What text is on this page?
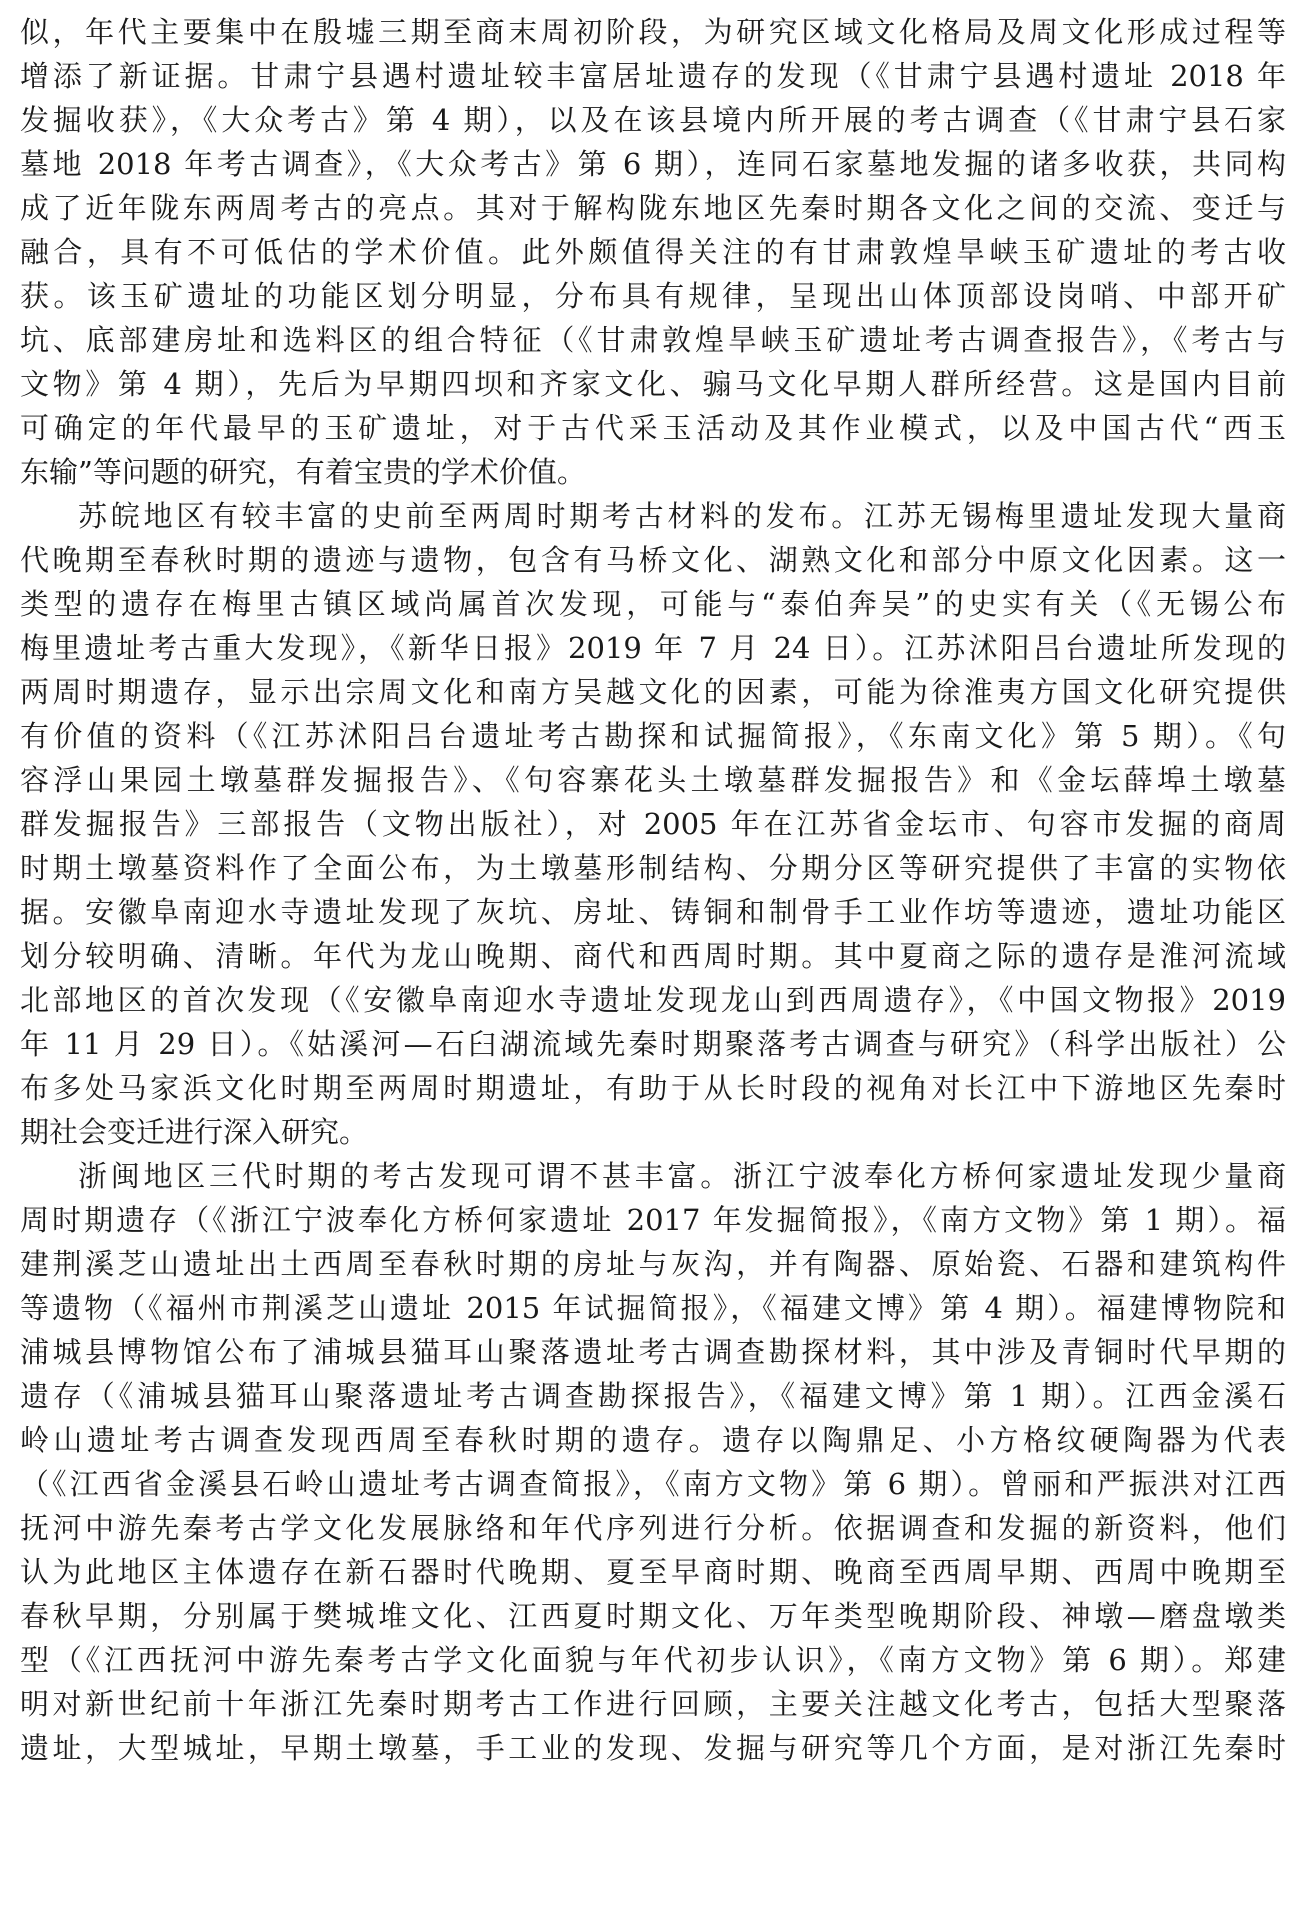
似，年代主要集中在殷墟三期至商末周初阶段，为研究区域文化格局及周文化形成过程等
增添了新证据。甘肃宁县遇村遗址较丰富居址遗存的发现（《甘肃宁县遇村遗址 2018 年
发掘收获》，《大众考古》第 4 期），以及在该县境内所开展的考古调查（《甘肃宁县石家
墓地 2018 年考古调查》，《大众考古》第 6 期），连同石家墓地发掘的诸多收获，共同构
成了近年陇东两周考古的亮点。其对于解构陇东地区先秦时期各文化之间的交流、变迁与
融合，具有不可低估的学术价值。此外颇值得关注的有甘肃敦煌旱峡玉矿遗址的考古收
获。该玉矿遗址的功能区划分明显，分布具有规律，呈现出山体顶部设岗哨、中部开矿
坑、底部建房址和选料区的组合特征（《甘肃敦煌旱峡玉矿遗址考古调查报告》，《考古与
文物》第 4 期），先后为早期四坝和齐家文化、骟马文化早期人群所经营。这是国内目前
可确定的年代最早的玉矿遗址，对于古代采玉活动及其作业模式，以及中国古代“西玉
东输”等问题的研究，有着宝贵的学术价值。
苏皖地区有较丰富的史前至两周时期考古材料的发布。江苏无锡梅里遗址发现大量商
代晚期至春秋时期的遗迹与遗物，包含有马桥文化、湖熟文化和部分中原文化因素。这一
类型的遗存在梅里古镇区域尚属首次发现，可能与“泰伯奔吴”的史实有关（《无锡公布
梅里遗址考古重大发现》，《新华日报》2019 年 7 月 24 日）。江苏沭阳吕台遗址所发现的
两周时期遗存，显示出宗周文化和南方吴越文化的因素，可能为徐淮夷方国文化研究提供
有价值的资料（《江苏沭阳吕台遗址考古勘探和试掘简报》，《东南文化》第 5 期）。《句
容浮山果园土墩墓群发掘报告》、《句容寨花头土墩墓群发掘报告》和《金坛薛埠土墩墓
群发掘报告》三部报告（文物出版社），对 2005 年在江苏省金坛市、句容市发掘的商周
时期土墩墓资料作了全面公布，为土墩墓形制结构、分期分区等研究提供了丰富的实物依
据。安徽阜南迎水寺遗址发现了灰坑、房址、铸铜和制骨手工业作坊等遗迹，遗址功能区
划分较明确、清晰。年代为龙山晚期、商代和西周时期。其中夏商之际的遗存是淮河流域
北部地区的首次发现（《安徽阜南迎水寺遗址发现龙山到西周遗存》，《中国文物报》2019
年 11 月 29 日）。《姑溪河—石臼湖流域先秦时期聚落考古调查与研究》（科学出版社）公
布多处马家浜文化时期至两周时期遗址，有助于从长时段的视角对长江中下游地区先秦时
期社会变迁进行深入研究。
浙闽地区三代时期的考古发现可谓不甚丰富。浙江宁波奉化方桥何家遗址发现少量商
周时期遗存（《浙江宁波奉化方桥何家遗址 2017 年发掘简报》，《南方文物》第 1 期）。福
建荆溪芝山遗址出土西周至春秋时期的房址与灰沟，并有陶器、原始瓷、石器和建筑构件
等遗物（《福州市荆溪芝山遗址 2015 年试掘简报》，《福建文博》第 4 期）。福建博物院和
浦城县博物馆公布了浦城县猫耳山聚落遗址考古调查勘探材料，其中涉及青铜时代早期的
遗存（《浦城县猫耳山聚落遗址考古调查勘探报告》，《福建文博》第 1 期）。江西金溪石
岭山遗址考古调查发现西周至春秋时期的遗存。遗存以陶鼎足、小方格纹硬陶器为代表
（《江西省金溪县石岭山遗址考古调查简报》，《南方文物》第 6 期）。曾丽和严振洪对江西
抚河中游先秦考古学文化发展脉络和年代序列进行分析。依据调查和发掘的新资料，他们
认为此地区主体遗存在新石器时代晚期、夏至早商时期、晚商至西周早期、西周中晚期至
春秋早期，分别属于樊城堆文化、江西夏时期文化、万年类型晚期阶段、神墩—磨盘墩类
型（《江西抚河中游先秦考古学文化面貌与年代初步认识》，《南方文物》第 6 期）。郑建
明对新世纪前十年浙江先秦时期考古工作进行回顾，主要关注越文化考古，包括大型聚落
遗址，大型城址，早期土墩墓，手工业的发现、发掘与研究等几个方面，是对浙江先秦时
